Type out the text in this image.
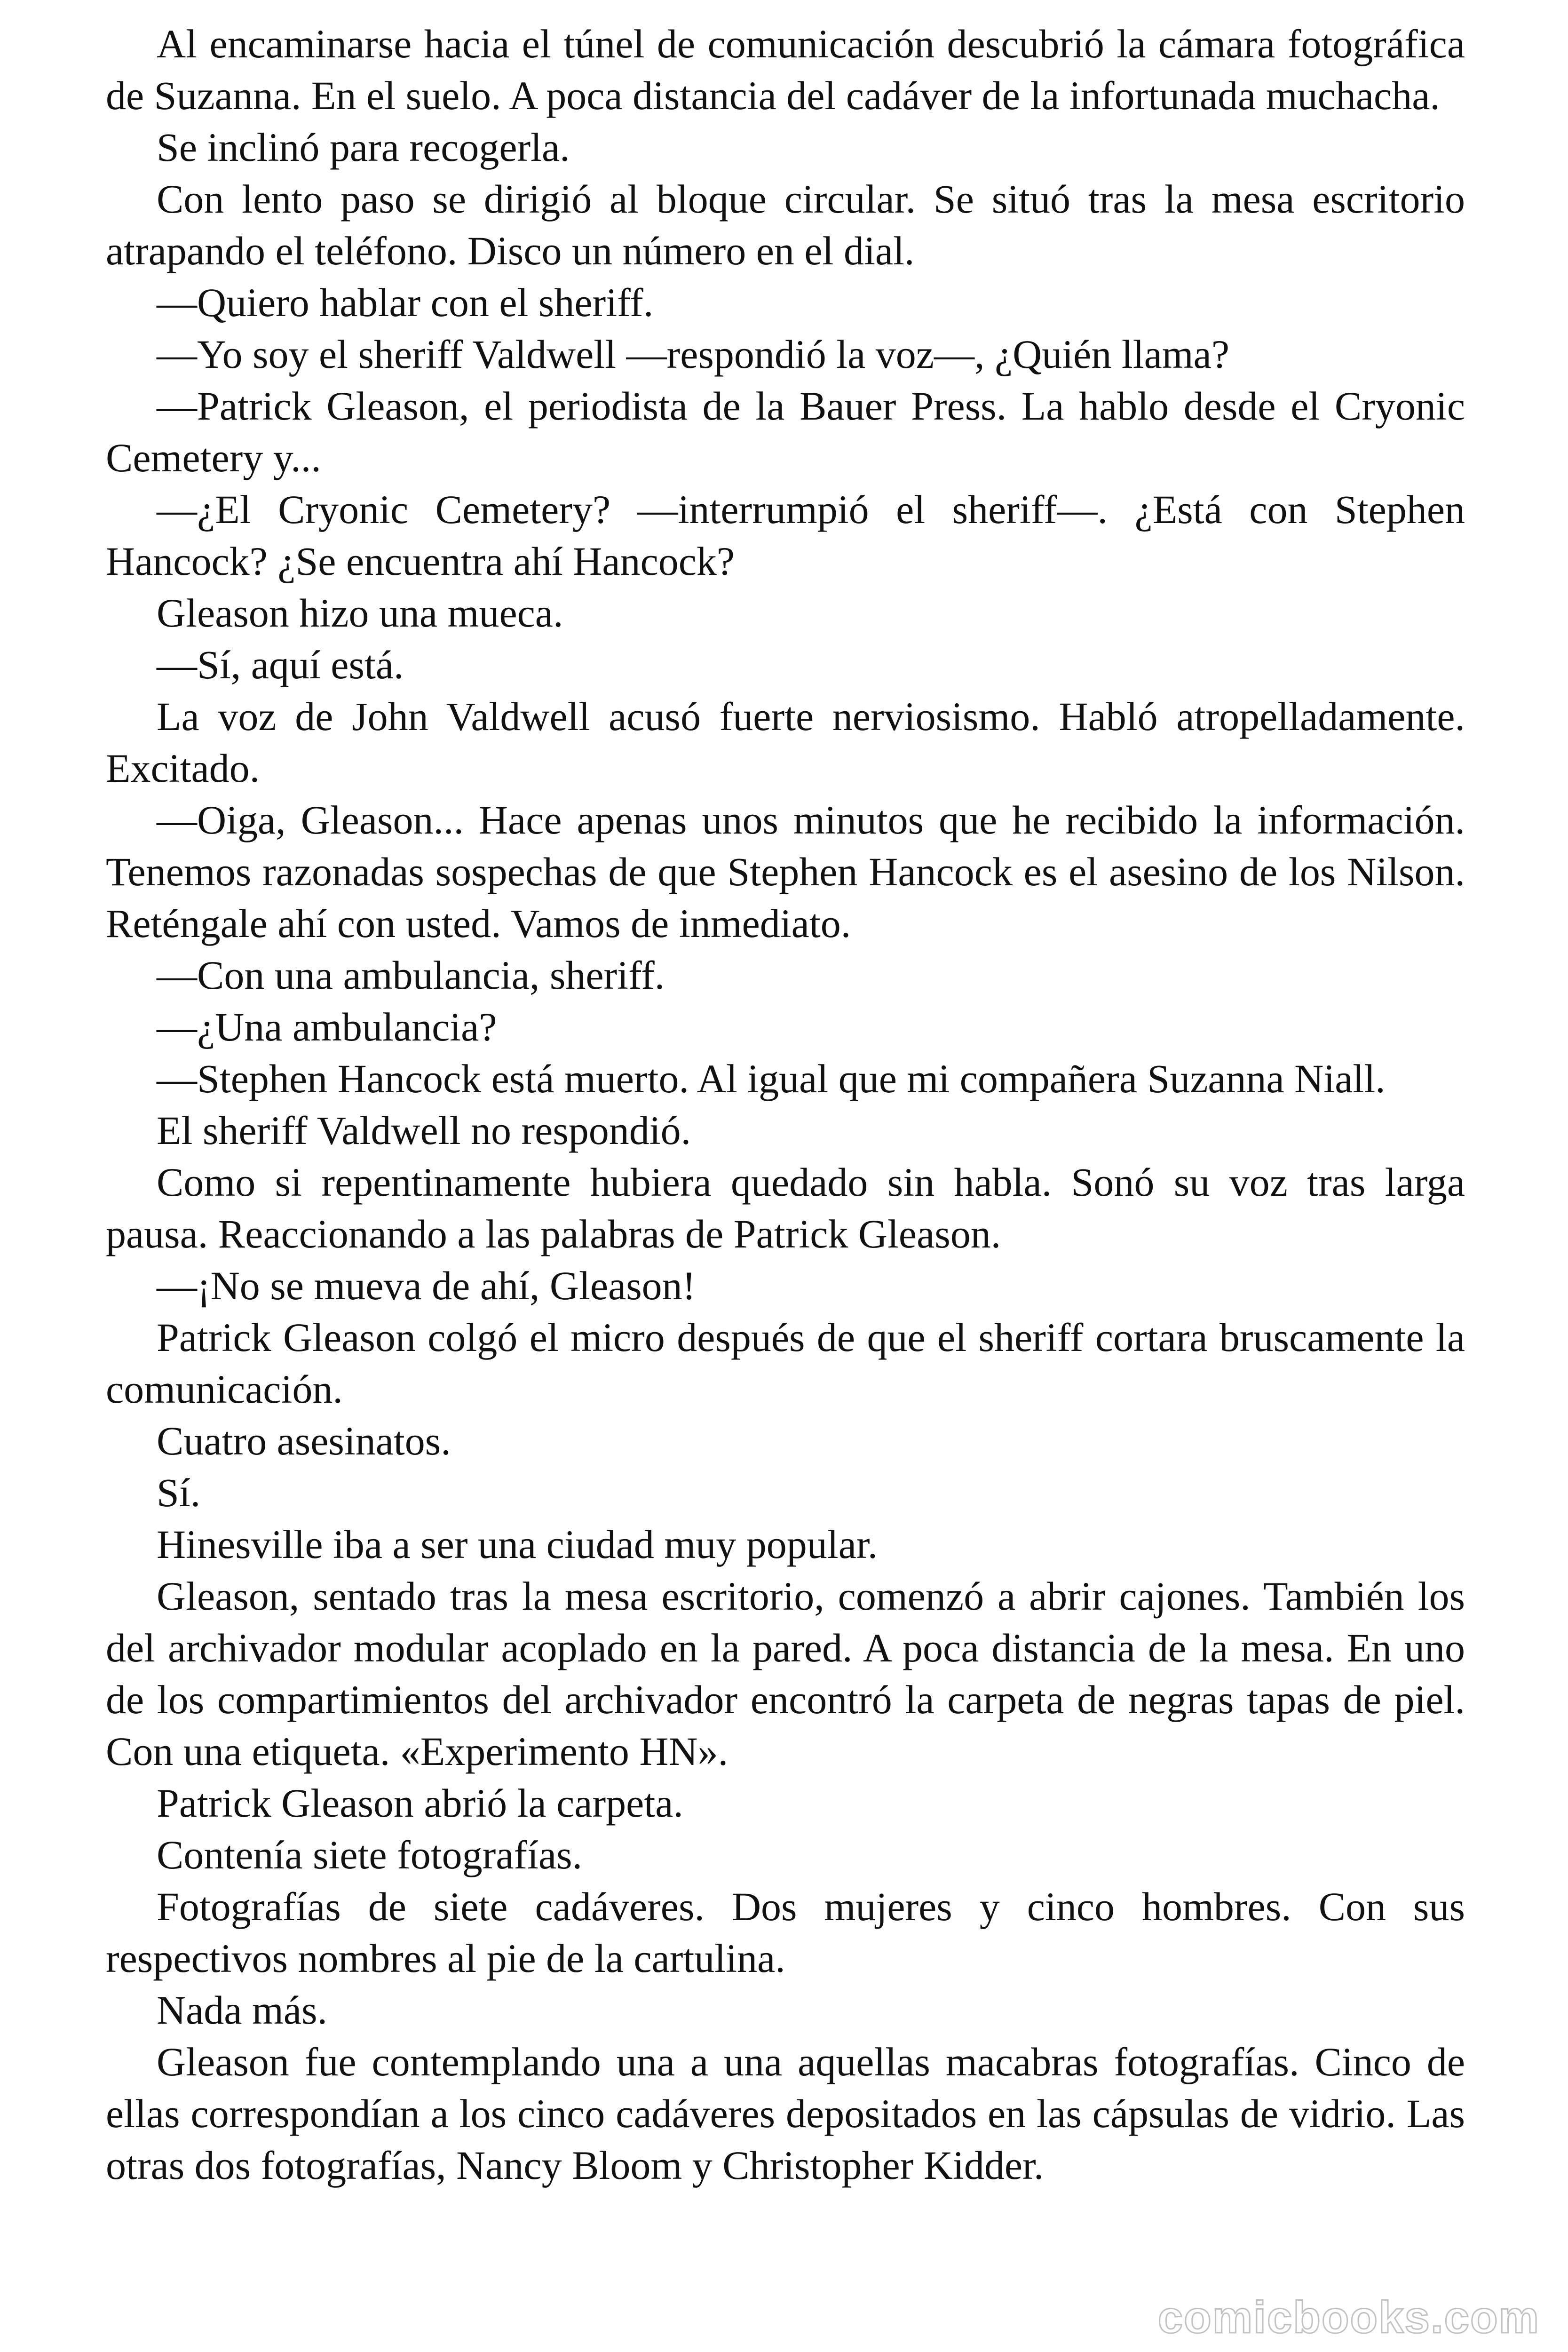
Al encaminarse hacia el túnel de comunicación descubrió la cámara fotográfica de Suzanna. En el suelo. A poca distancia del cadáver de la infortunada muchacha.

Se inclinó para recogerla.

Con lento paso se dirigió al bloque circular. Se situó tras la mesa escritorio atrapando el teléfono. Disco un número en el dial.

—Quiero hablar con el sheriff.

—Yo soy el sheriff Valdwell —respondió la voz—, ¿Quién llama?

—Patrick Gleason, el periodista de la Bauer Press. La hablo desde el Cryonic Cemetery y...

—¿El Cryonic Cemetery? —interrumpió el sheriff—. ¿Está con Stephen Hancock? ¿Se encuentra ahí Hancock?

Gleason hizo una mueca.

—Sí, aquí está.

La voz de John Valdwell acusó fuerte nerviosismo. Habló atropelladamente. Excitado.

—Oiga, Gleason... Hace apenas unos minutos que he recibido la información. Tenemos razonadas sospechas de que Stephen Hancock es el asesino de los Nilson. Reténgale ahí con usted. Vamos de inmediato.

—Con una ambulancia, sheriff.

—¿Una ambulancia?

—Stephen Hancock está muerto. Al igual que mi compañera Suzanna Niall.

El sheriff Valdwell no respondió.

Como si repentinamente hubiera quedado sin habla. Sonó su voz tras larga pausa. Reaccionando a las palabras de Patrick Gleason.

—¡No se mueva de ahí, Gleason!

Patrick Gleason colgó el micro después de que el sheriff cortara bruscamente la comunicación.

Cuatro asesinatos.

Sí.

Hinesville iba a ser una ciudad muy popular.

Gleason, sentado tras la mesa escritorio, comenzó a abrir cajones. También los del archivador modular acoplado en la pared. A poca distancia de la mesa. En uno de los compartimientos del archivador encontró la carpeta de negras tapas de piel. Con una etiqueta. «Experimento HN».

Patrick Gleason abrió la carpeta.

Contenía siete fotografías.

Fotografías de siete cadáveres. Dos mujeres y cinco hombres. Con sus respectivos nombres al pie de la cartulina.

Nada más.

Gleason fue contemplando una a una aquellas macabras fotografías. Cinco de ellas correspondían a los cinco cadáveres depositados en las cápsulas de vidrio. Las otras dos fotografías, Nancy Bloom y Christopher Kidder.

comicbooks.com
